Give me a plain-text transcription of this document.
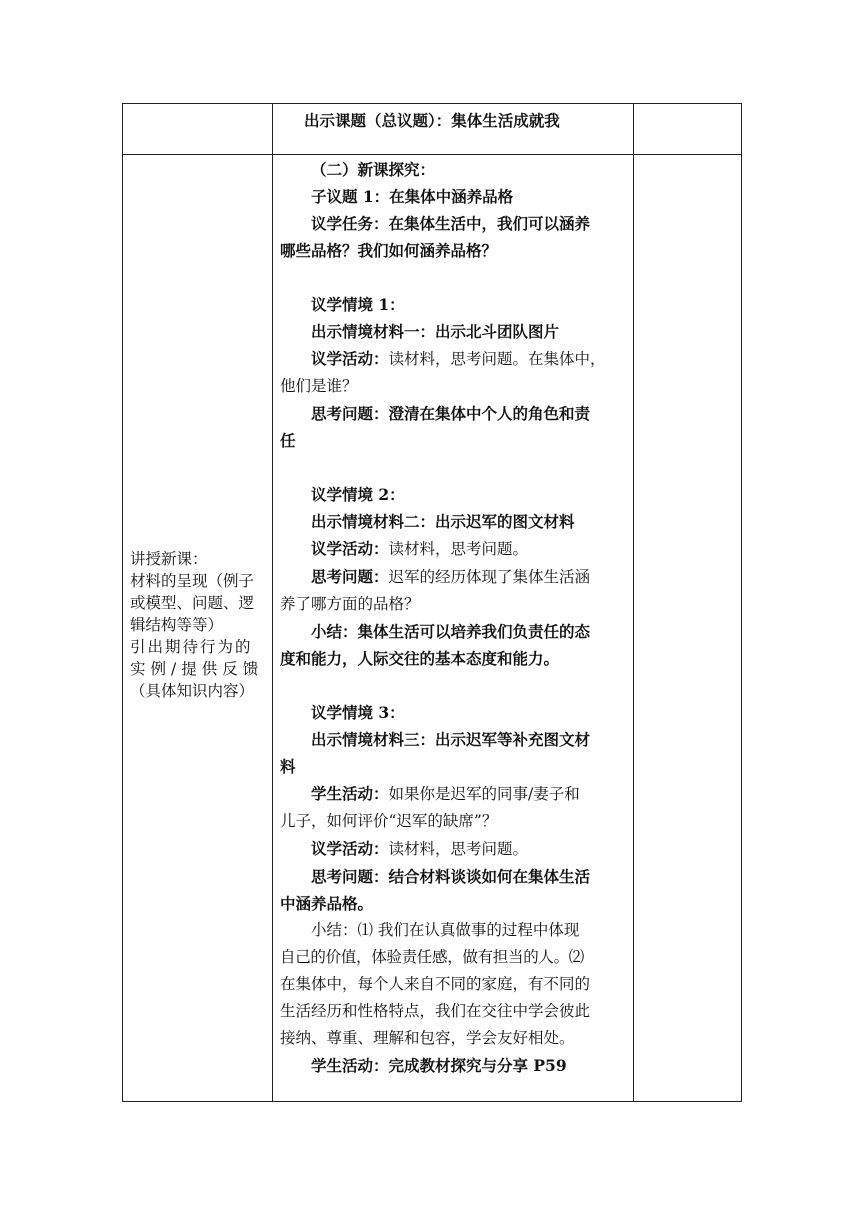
出示课题（总议题）：集体生活成就我
讲授新课：
材料的呈现（例子
或模型、问题、逻
辑结构等等）
引出期待行为的
实例/提供反馈
（具体知识内容）
（二）新课探究：
子议题 1：在集体中涵养品格
议学任务：在集体生活中，我们可以涵养
哪些品格？我们如何涵养品格？
议学情境 1：
出示情境材料一：出示北斗团队图片
议学活动：读材料，思考问题。在集体中，
他们是谁？
思考问题：澄清在集体中个人的角色和责
任
议学情境 2：
出示情境材料二：出示迟军的图文材料
议学活动：读材料，思考问题。
思考问题：迟军的经历体现了集体生活涵
养了哪方面的品格？
小结：集体生活可以培养我们负责任的态
度和能力，人际交往的基本态度和能力。
议学情境 3：
出示情境材料三：出示迟军等补充图文材
料
学生活动：如果你是迟军的同事/妻子和
儿子，如何评价“迟军的缺席”？
议学活动：读材料，思考问题。
思考问题：结合材料谈谈如何在集体生活
中涵养品格。
小结：⑴ 我们在认真做事的过程中体现
自己的价值，体验责任感，做有担当的人。⑵
在集体中，每个人来自不同的家庭，有不同的
生活经历和性格特点，我们在交往中学会彼此
接纳、尊重、理解和包容，学会友好相处。
学生活动：完成教材探究与分享 P59
